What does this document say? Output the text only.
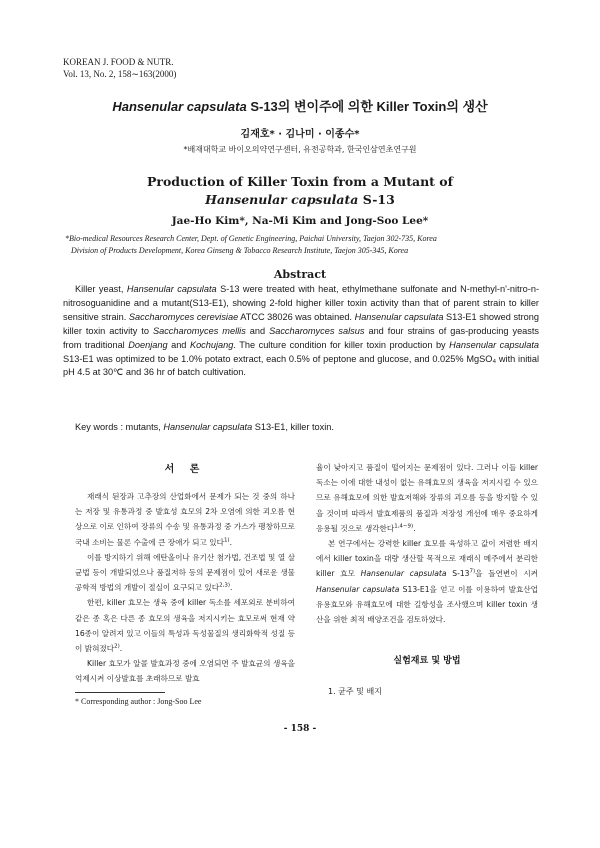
KOREAN J. FOOD & NUTR.
Vol. 13, No. 2, 158∼163(2000)
Hansenular capsulata S-13의 변이주에 의한 Killer Toxin의 생산
김재호* · 김나미 · 이종수*
*배재대학교 바이오의약연구센터, 유전공학과, 한국인삼연초연구원
Production of Killer Toxin from a Mutant of
Hansenular capsulata S-13
Jae-Ho Kim*, Na-Mi Kim and Jong-Soo Lee*
*Bio-medical Resources Research Center, Dept. of Genetic Engineering, Paichai University, Taejon 302-735, Korea
Division of Products Development, Korea Ginseng & Tobacco Research Institute, Taejon 305-345, Korea
Abstract
Killer yeast, Hansenular capsulata S-13 were treated with heat, ethylmethane sulfonate and N-methyl-n'-nitro-n-nitrosoguanidine and a mutant(S13-E1), showing 2-fold higher killer toxin activity than that of parent strain to killer sensitive strain. Saccharomyces cerevisiae ATCC 38026 was obtained. Hansenular capsulata S13-E1 showed strong killer toxin activity to Saccharomyces mellis and Saccharomyces salsus and four strains of gas-producing yeasts from traditional Doenjang and Kochujang. The culture condition for killer toxin production by Hansenular capsulata S13-E1 was optimized to be 1.0% potato extract, each 0.5% of peptone and glucose, and 0.025% MgSO₄ with initial pH 4.5 at 30℃ and 36 hr of batch cultivation.
Key words : mutants, Hansenular capsulata S13-E1, killer toxin.
서 론

재래식 된장과 고추장의 산업화에서 문제가 되는 것 중의 하나는 저장 및 유통과정 중 발효성 효모의 2차 오염에 의한 괴오름 현상으로 이로 인하여 장류의 수송 및 유통과정 중 가스가 팽창하므로 국내 소비는 물론 수출에 큰 장애가 되고 있다$^{1)}$.

이를 방지하기 위해 에탄올이나 유기산 첨가법, 건조법 및 열 살균법 등이 개발되었으나 품질저하 등의 문제점이 있어 새로운 생물공학적 방법의 개발이 절실이 요구되고 있다$^{2,3)}$.

한편, killer 효모는 생육 중에 killer 독소를 세포외로 분비하여 같은 종 혹은 다른 종 효모의 생육을 저지시키는 효모로써 현재 약 16종이 알려져 있고 이들의 특성과 독성물질의 생리화학적 성질 등이 밝혀졌다$^{2)}$.

Killer 효모가 알콜 발효과정 중에 오염되면 주 발효균의 생육을 억제시켜 이상발효를 초래하므로 발효

율이 낮아지고 품질이 떨어지는 문제점이 있다. 그러나 이들 killer 독소는 이에 대한 내성이 없는 유해효모의 생육을 저지시킬 수 있으므로 유해효모에 의한 발효저해와 장류의 괴오름 등을 방지할 수 있을 것이며 따라서 발효제품의 품질과 저장성 개선에 매우 중요하게 응용될 것으로 생각한다$^{1,4\sim 9)}$.

본 연구에서는 강력한 killer 효모를 육성하고 값이 저렴한 배지에서 killer toxin을 대량 생산할 목적으로 재래식 메주에서 분리한 killer 효모 Hansenular capsulata S-13$^{7)}$을 돌연변이 시켜 Hansenular capsulata S13-E1을 얻고 이를 이용하여 발효산업 유용효모와 유해효모에 대한 길항성을 조사했으며 killer toxin 생산을 위한 최적 배양조건을 검토하였다.

실험재료 및 방법
1. 균주 및 배지
* Corresponding author : Jong-Soo Lee
- 158 -
